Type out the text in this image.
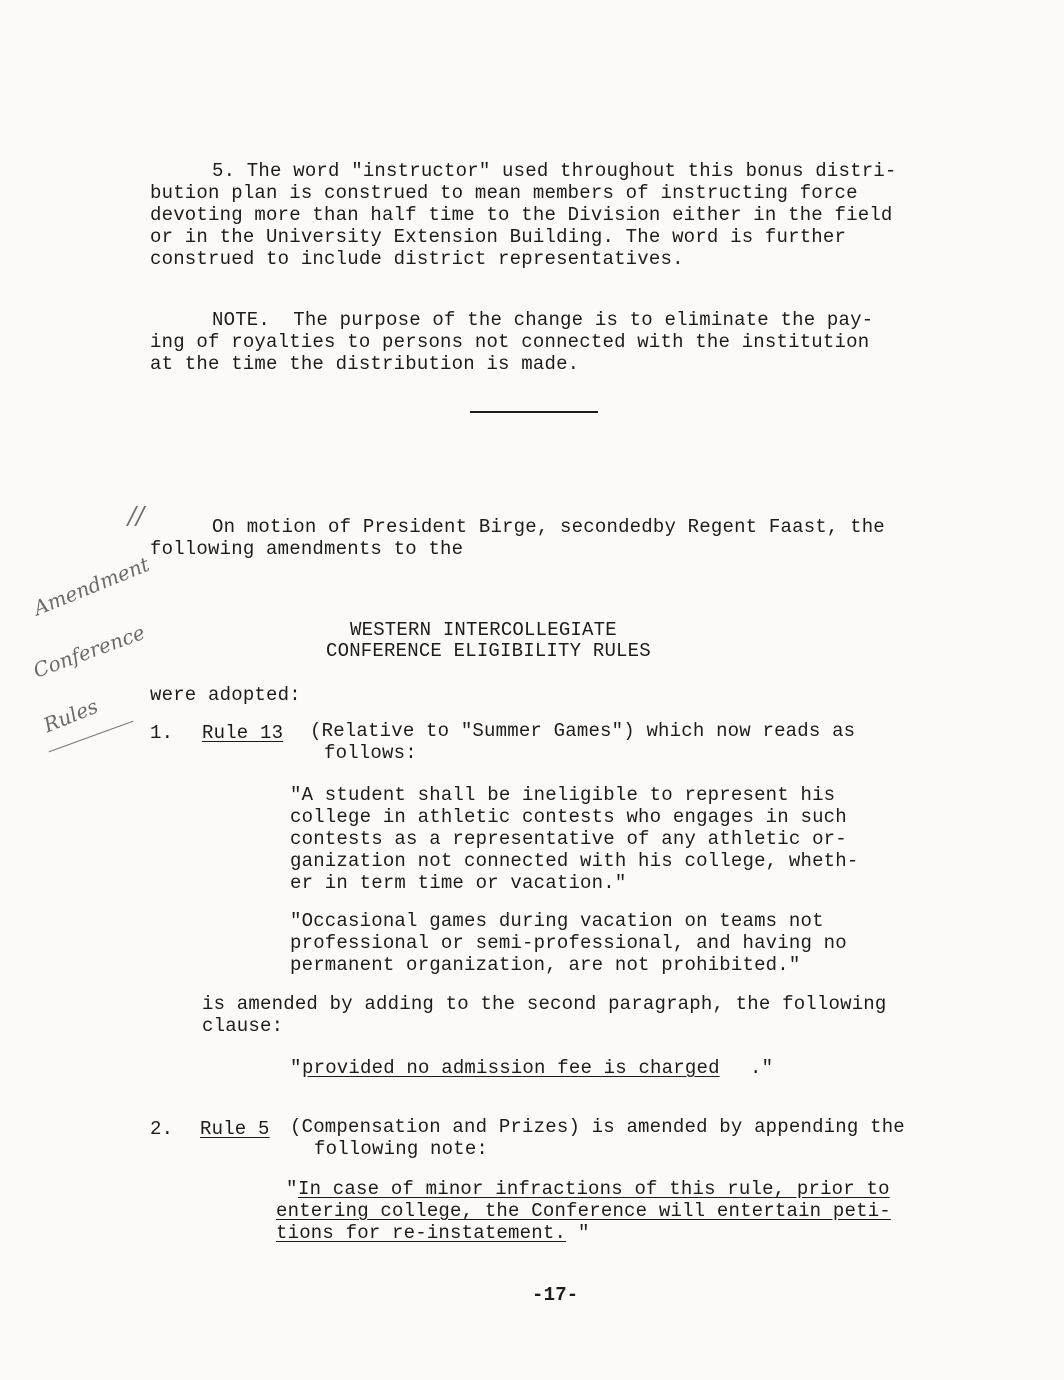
5. The word "instructor" used throughout this bonus distri-
bution plan is construed to mean members of instructing force
devoting more than half time to the Division either in the field
or in the University Extension Building. The word is further
construed to include district representatives.
NOTE.  The purpose of the change is to eliminate the pay-
ing of royalties to persons not connected with the institution
at the time the distribution is made.
//
Amendment
Conference
Rules
On motion of President Birge, secondedby Regent Faast, the
following amendments to the
WESTERN INTERCOLLEGIATE
CONFERENCE ELIGIBILITY RULES
were adopted:
1. Rule 13 (Relative to "Summer Games") which now reads as
follows:
"A student shall be ineligible to represent his
college in athletic contests who engages in such
contests as a representative of any athletic or-
ganization not connected with his college, wheth-
er in term time or vacation."
"Occasional games during vacation on teams not
professional or semi-professional, and having no
permanent organization, are not prohibited."
is amended by adding to the second paragraph, the following
clause:
" provided no admission fee is charged ."
2. Rule 5 (Compensation and Prizes) is amended by appending the
following note:
" In case of minor infractions of this rule, prior to
entering college, the Conference will entertain peti-
tions for re-instatement. "
-17-
